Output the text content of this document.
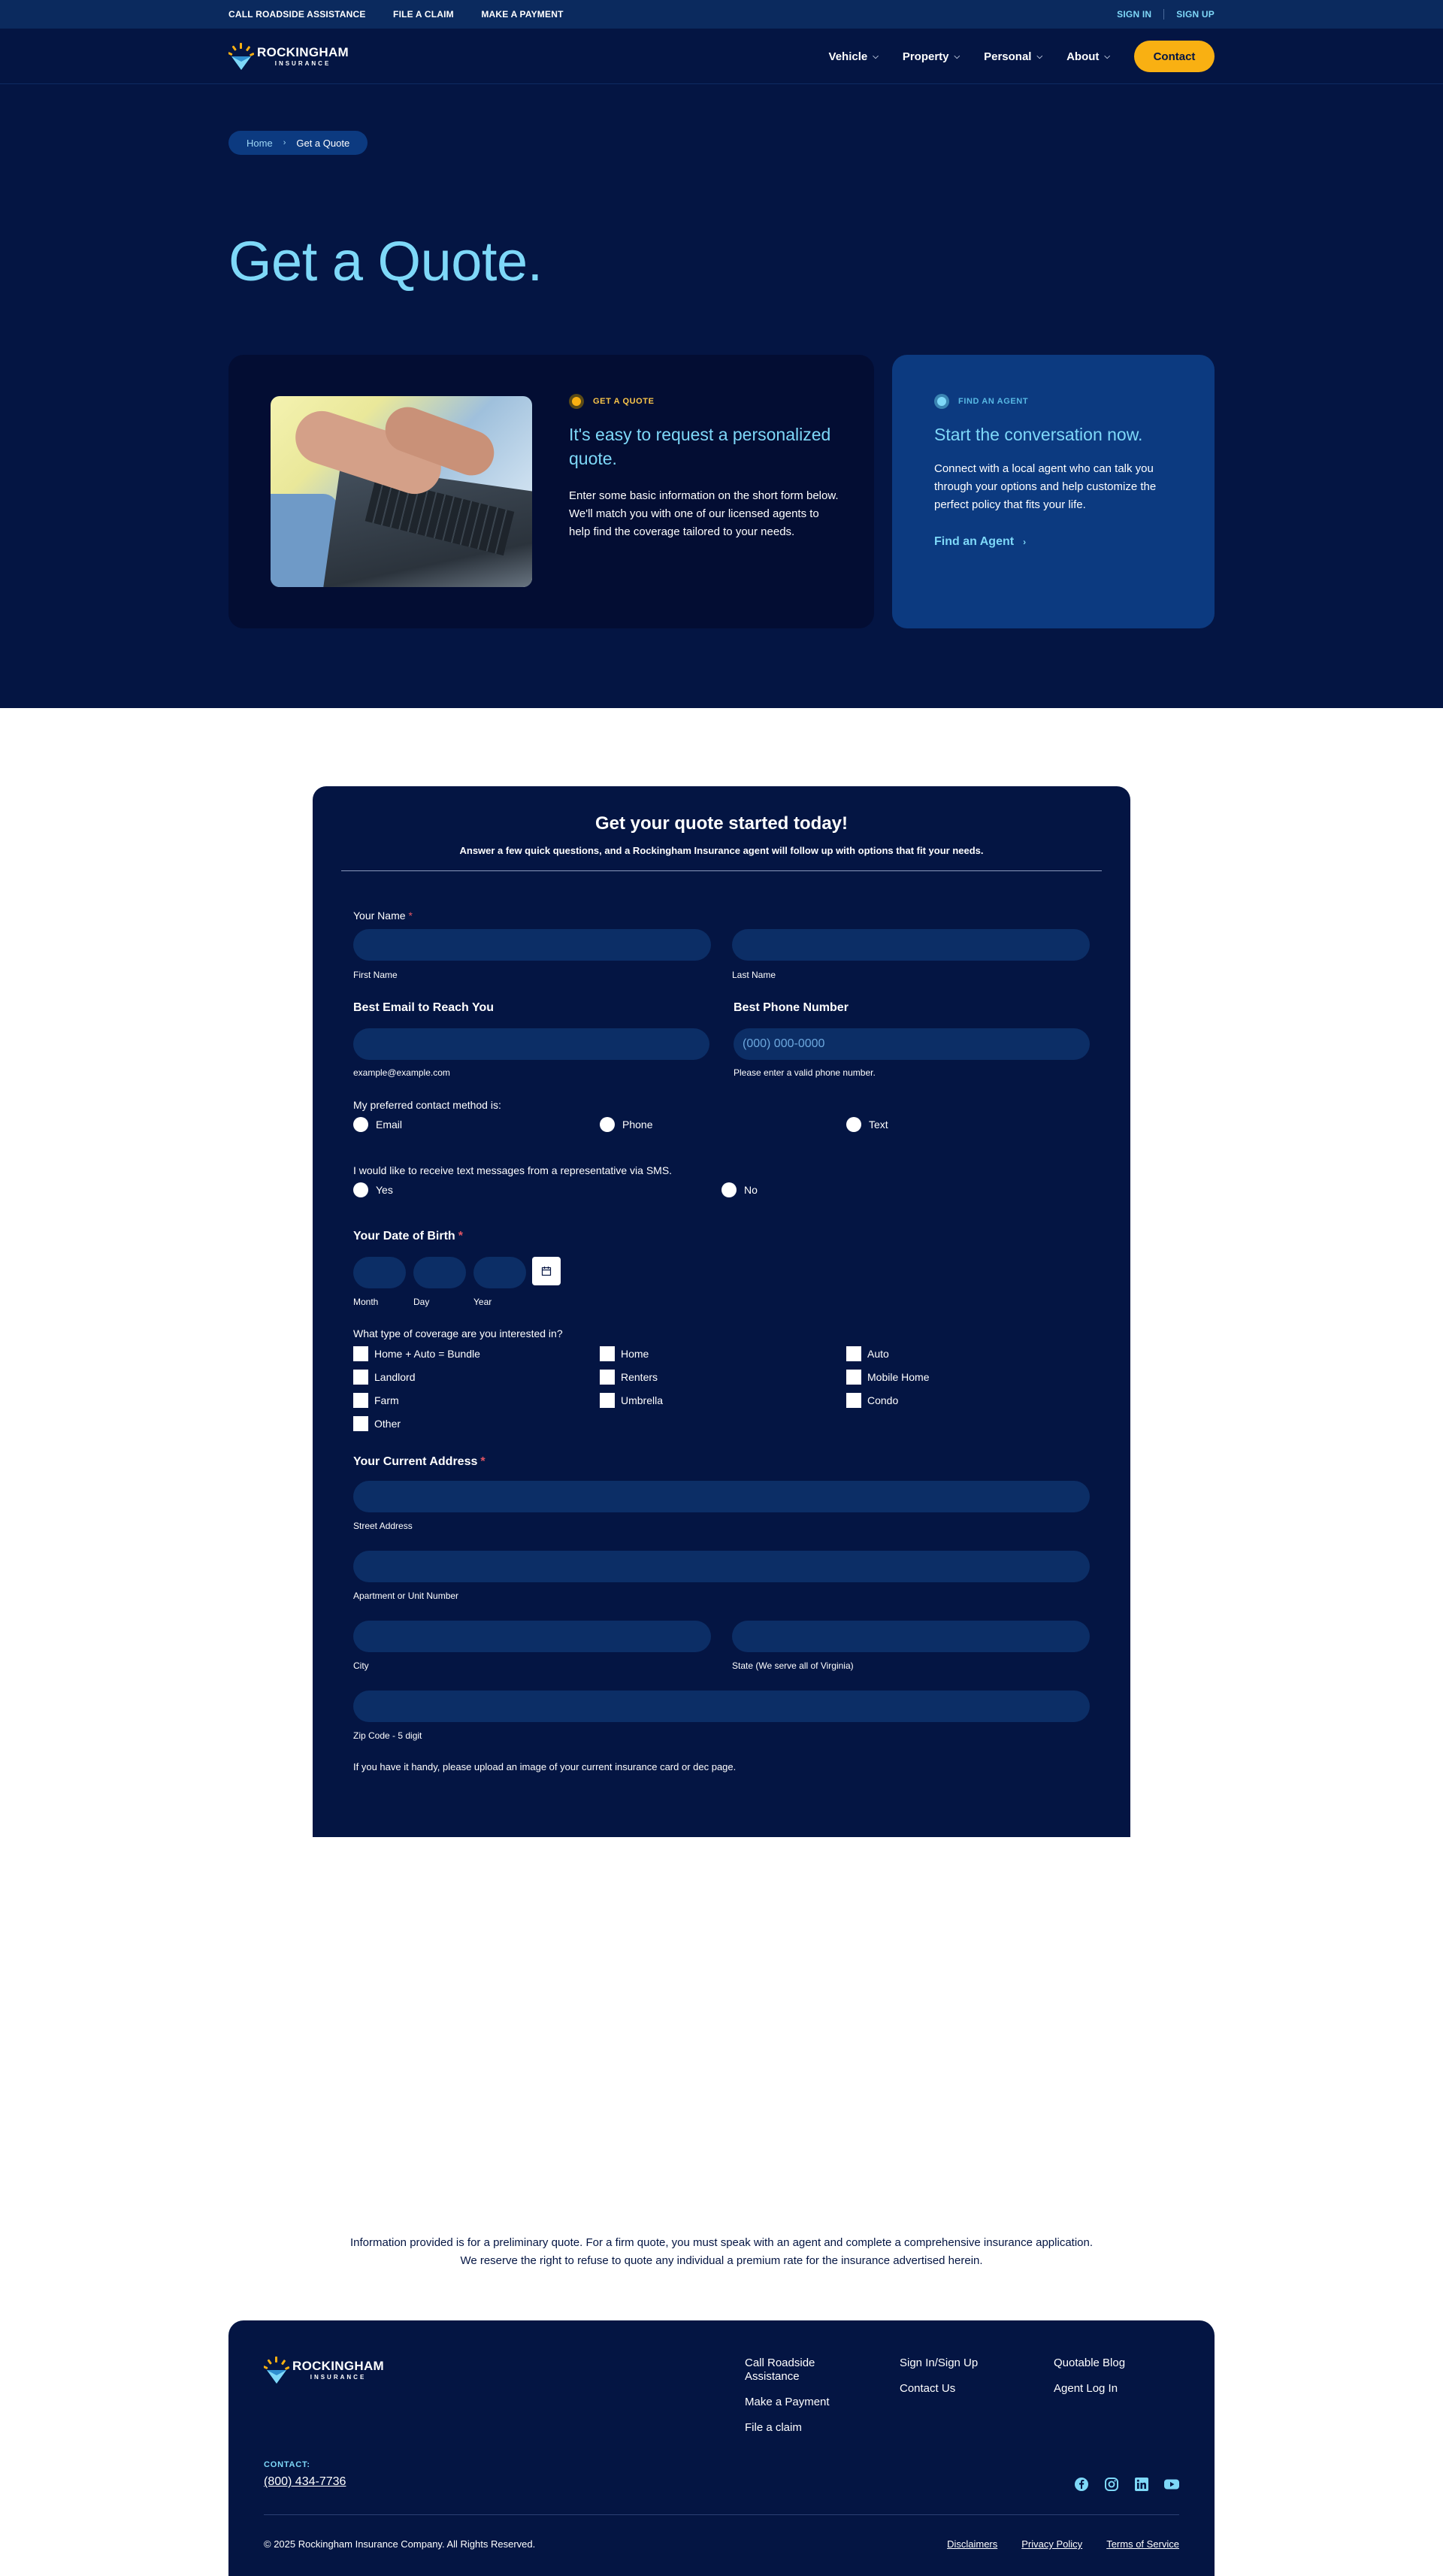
CALL ROADSIDE ASSISTANCE	FILE A CLAIM	MAKE A PAYMENT	SIGN IN	SIGN UP
ROCKINGHAM
INSURANCE
Vehicle ⌵ Property ⌵ Personal ⌵ About ⌵	Contact
Home › Get a Quote
Get a Quote.
GET A QUOTE
It's easy to request a personalized quote.

Enter some basic information on the short form below. We'll match you with one of our licensed agents to help find the coverage tailored to your needs.

FIND AN AGENT
Start the conversation now.

Connect with a local agent who can talk you through your options and help customize the perfect policy that fits your life.

Find an Agent ›
Get your quote started today!
Answer a few quick questions, and a Rockingham Insurance agent will follow up with options that fit your needs.
Your Name *
First Name	Last Name
Best Email to Reach You	Best Phone Number
(000) 000-0000
example@example.com	Please enter a valid phone number.
My preferred contact method is:
Email	Phone	Text
I would like to receive text messages from a representative via SMS.
Yes	No
Your Date of Birth *
Month	Day	Year
What type of coverage are you interested in?
Home + Auto = Bundle	Home	Auto
Landlord	Renters	Mobile Home
Farm	Umbrella	Condo
Other
Your Current Address *
Street Address
Apartment or Unit Number
City	State (We serve all of Virginia)
Zip Code - 5 digit
If you have it handy, please upload an image of your current insurance card or dec page.
Information provided is for a preliminary quote. For a firm quote, you must speak with an agent and complete a comprehensive insurance application. We reserve the right to refuse to quote any individual a premium rate for the insurance advertised herein.
ROCKINGHAM
INSURANCE
Call Roadside Assistance
Make a Payment
File a claim
Sign In/Sign Up
Contact Us
Quotable Blog
Agent Log In
CONTACT:
(800) 434-7736
© 2025 Rockingham Insurance Company. All Rights Reserved.	Disclaimers Privacy Policy Terms of Service
